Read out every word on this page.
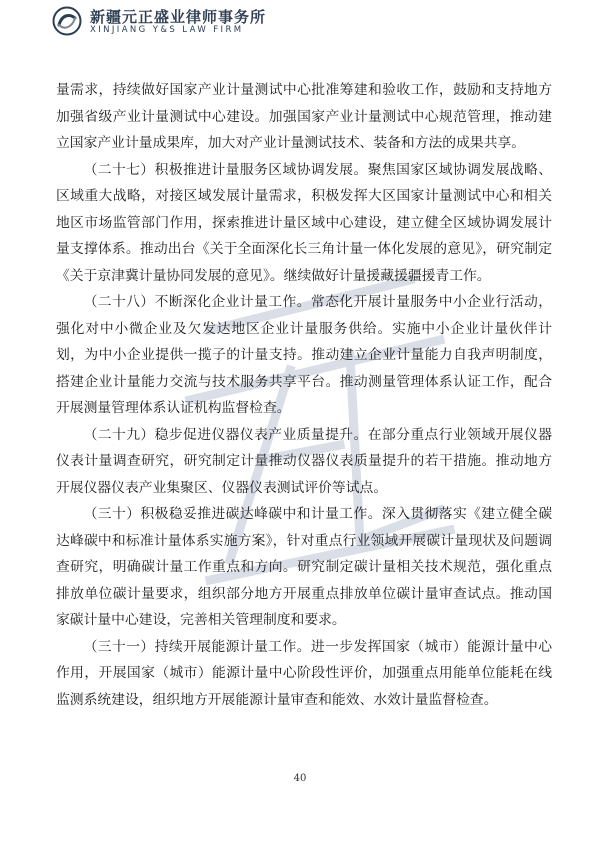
新疆元正盛业律师事务所
XINJIANG Y&S LAW FIRM

量需求，持续做好国家产业计量测试中心批准筹建和验收工作，鼓励和支持地方加强省级产业计量测试中心建设。加强国家产业计量测试中心规范管理，推动建立国家产业计量成果库，加大对产业计量测试技术、装备和方法的成果共享。

（二十七）积极推进计量服务区域协调发展。聚焦国家区域协调发展战略、区域重大战略，对接区域发展计量需求，积极发挥大区国家计量测试中心和相关地区市场监管部门作用，探索推进计量区域中心建设，建立健全区域协调发展计量支撑体系。推动出台《关于全面深化长三角计量一体化发展的意见》，研究制定《关于京津冀计量协同发展的意见》。继续做好计量援藏援疆援青工作。

（二十八）不断深化企业计量工作。常态化开展计量服务中小企业行活动，强化对中小微企业及欠发达地区企业计量服务供给。实施中小企业计量伙伴计划，为中小企业提供一揽子的计量支持。推动建立企业计量能力自我声明制度，搭建企业计量能力交流与技术服务共享平台。推动测量管理体系认证工作，配合开展测量管理体系认证机构监督检查。

（二十九）稳步促进仪器仪表产业质量提升。在部分重点行业领域开展仪器仪表计量调查研究，研究制定计量推动仪器仪表质量提升的若干措施。推动地方开展仪器仪表产业集聚区、仪器仪表测试评价等试点。

（三十）积极稳妥推进碳达峰碳中和计量工作。深入贯彻落实《建立健全碳达峰碳中和标准计量体系实施方案》，针对重点行业领域开展碳计量现状及问题调查研究，明确碳计量工作重点和方向。研究制定碳计量相关技术规范，强化重点排放单位碳计量要求，组织部分地方开展重点排放单位碳计量审查试点。推动国家碳计量中心建设，完善相关管理制度和要求。

（三十一）持续开展能源计量工作。进一步发挥国家（城市）能源计量中心作用，开展国家（城市）能源计量中心阶段性评价，加强重点用能单位能耗在线监测系统建设，组织地方开展能源计量审查和能效、水效计量监督检查。

40
